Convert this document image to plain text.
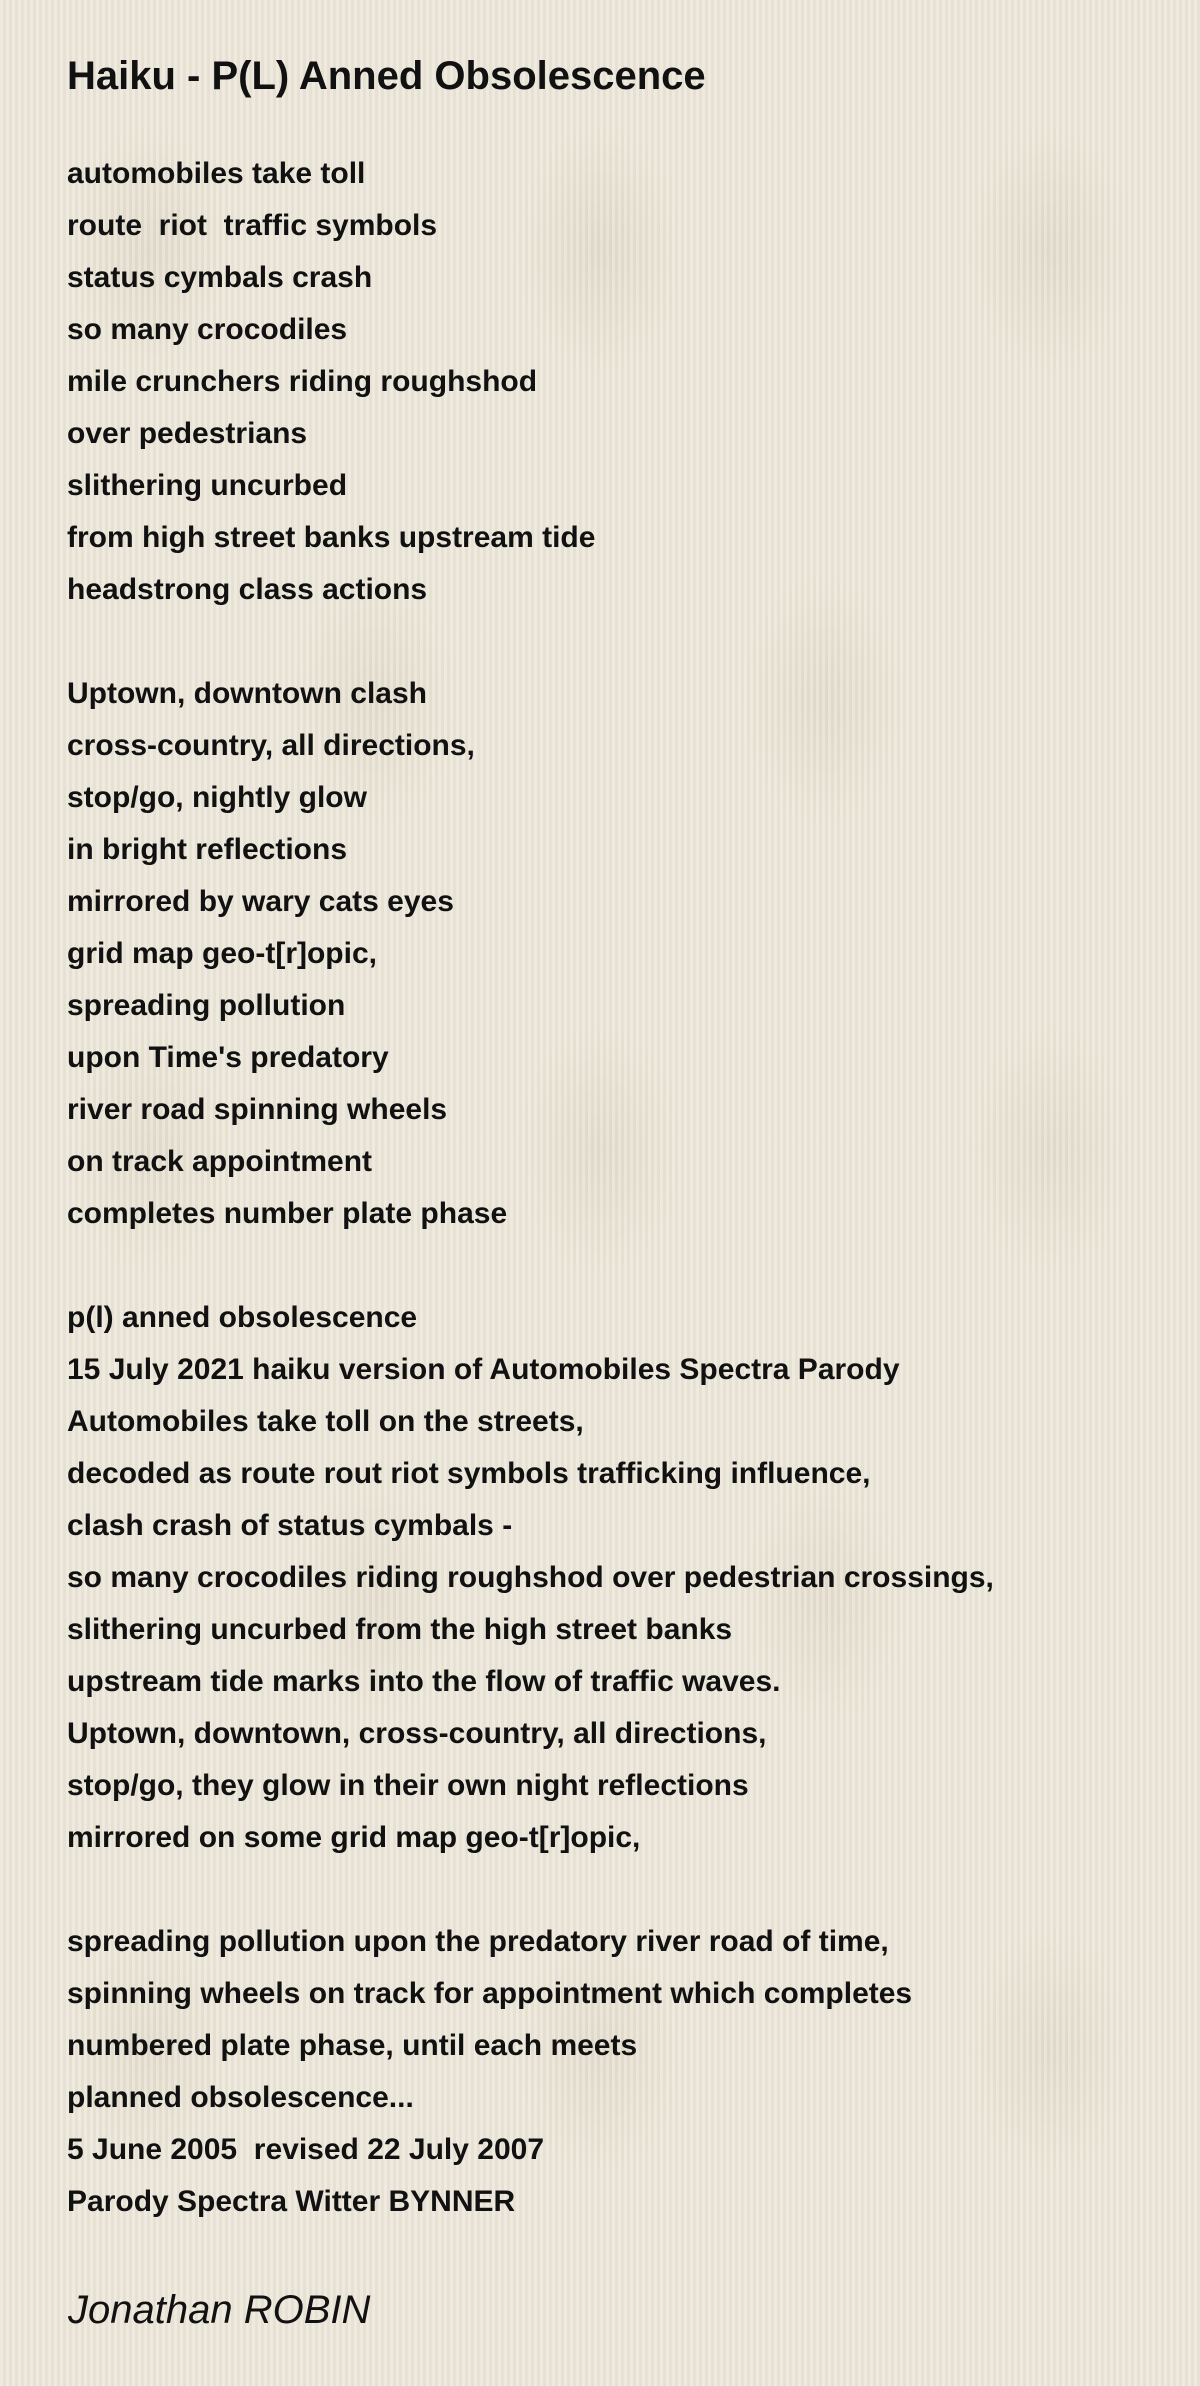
Haiku - P(L) Anned Obsolescence
automobiles take toll
route  riot  traffic symbols
status cymbals crash
so many crocodiles
mile crunchers riding roughshod
over pedestrians
slithering uncurbed
from high street banks upstream tide
headstrong class actions
Uptown, downtown clash
cross-country, all directions,
stop/go, nightly glow
in bright reflections
mirrored by wary cats eyes
grid map geo-t[r]opic,
spreading pollution
upon Time's predatory
river road spinning wheels
on track appointment
completes number plate phase
p(l) anned obsolescence
15 July 2021 haiku version of Automobiles Spectra Parody
Automobiles take toll on the streets,
decoded as route rout riot symbols trafficking influence,
clash crash of status cymbals -
so many crocodiles riding roughshod over pedestrian crossings,
slithering uncurbed from the high street banks
upstream tide marks into the flow of traffic waves.
Uptown, downtown, cross-country, all directions,
stop/go, they glow in their own night reflections
mirrored on some grid map geo-t[r]opic,
spreading pollution upon the predatory river road of time,
spinning wheels on track for appointment which completes
numbered plate phase, until each meets
planned obsolescence...
5 June 2005  revised 22 July 2007
Parody Spectra Witter BYNNER
Jonathan ROBIN
